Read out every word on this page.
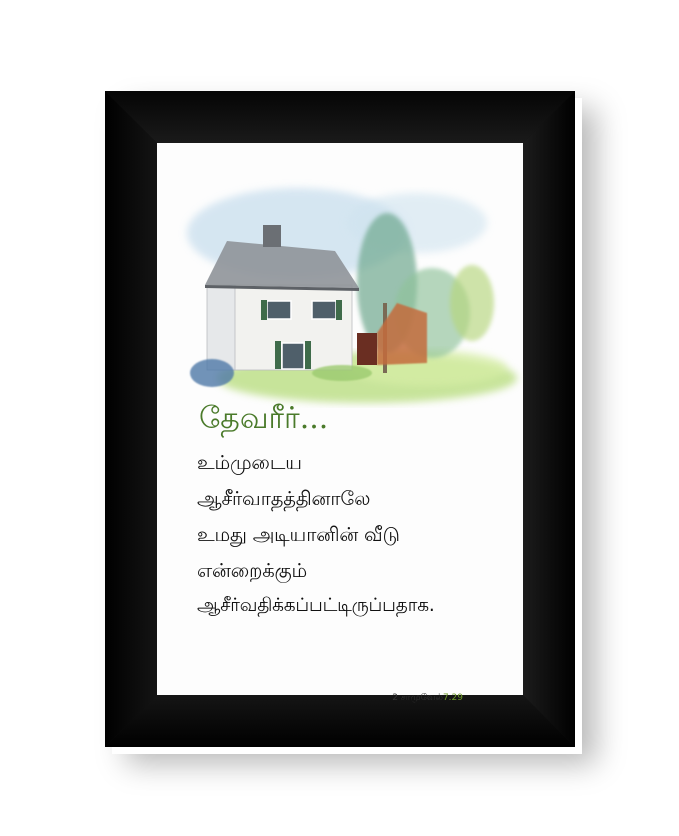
தேவரீர்...
உம்முடைய
ஆசீர்வாதத்தினாலே
உமது அடியானின் வீடு
என்றைக்கும்
ஆசீர்வதிக்கப்பட்டிருப்பதாக.
2 சாமுவேல்7.29
